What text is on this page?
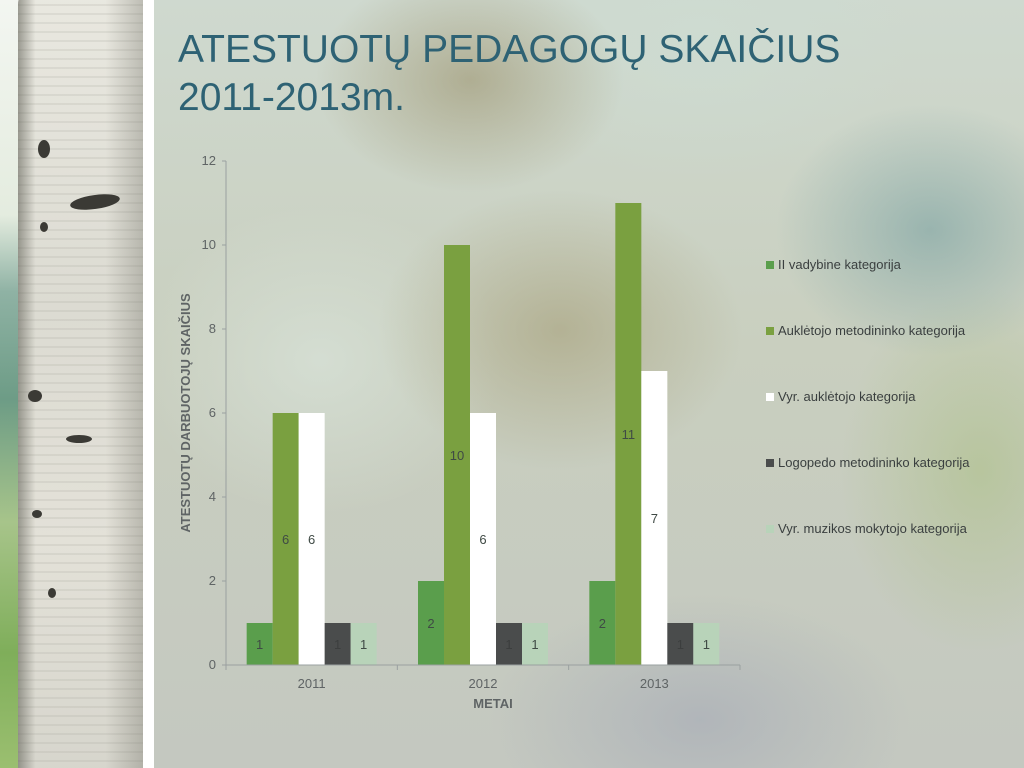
ATESTUOTŲ PEDAGOGŲ SKAIČIUS
2011-2013m.
0
2
4
6
8
10
12
2011	2012	2013
1
2	2
6
10
11
6	6
7
1	1	1
1	1	1
II vadybine kategorija
Auklėtojo metodininko kategorija
Vyr. auklėtojo kategorija
Logopedo metodininko kategorija
Vyr. muzikos mokytojo kategorija
ATESTUOTŲ DARBUOTOJŲ SKAIČIUS
METAI
